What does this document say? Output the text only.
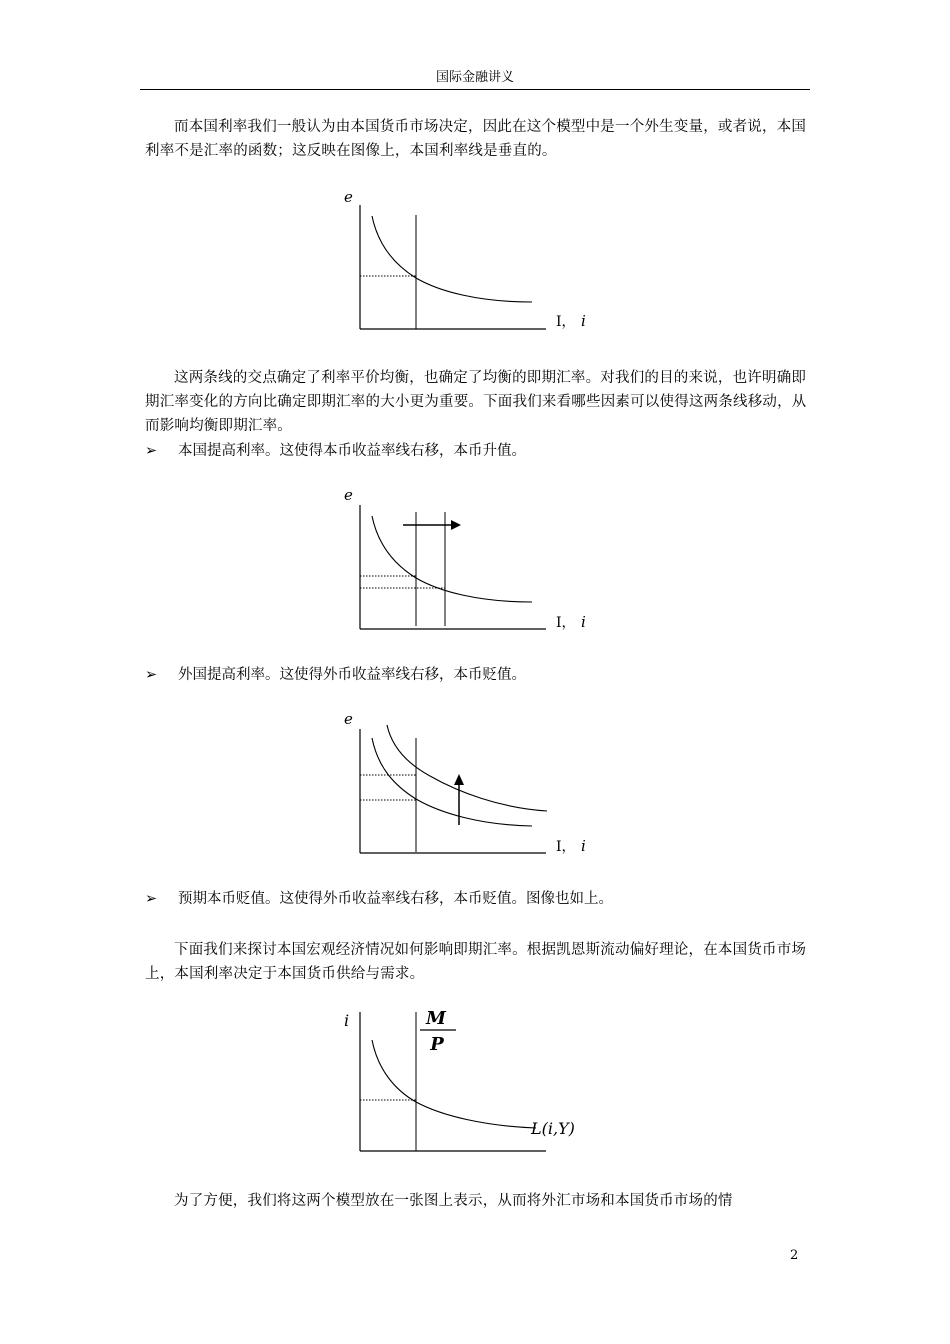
国际金融讲义

而本国利率我们一般认为由本国货币市场决定，因此在这个模型中是一个外生变量，或者说，本国利率不是汇率的函数；这反映在图像上，本国利率线是垂直的。

e
I， i

这两条线的交点确定了利率平价均衡，也确定了均衡的即期汇率。对我们的目的来说，也许明确即期汇率变化的方向比确定即期汇率的大小更为重要。下面我们来看哪些因素可以使得这两条线移动，从而影响均衡即期汇率。

➢ 本国提高利率。这使得本币收益率线右移，本币升值。
e
I， i
➢ 外国提高利率。这使得外币收益率线右移，本币贬值。
e
I， i
➢ 预期本币贬值。这使得外币收益率线右移，本币贬值。图像也如上。

下面我们来探讨本国宏观经济情况如何影响即期汇率。根据凯恩斯流动偏好理论，在本国货币市场上，本国利率决定于本国货币供给与需求。

i	M
P
L(i,Y)

为了方便，我们将这两个模型放在一张图上表示，从而将外汇市场和本国货币市场的情

2
